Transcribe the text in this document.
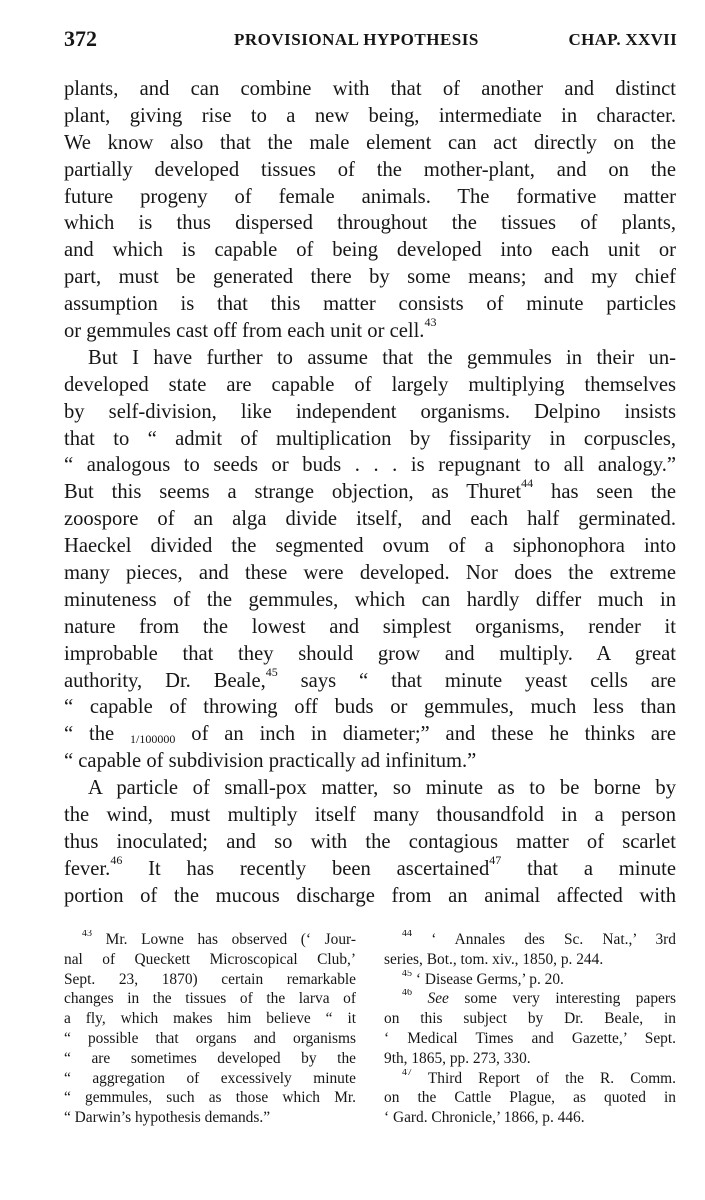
372	PROVISIONAL HYPOTHESIS	CHAP. XXVII
plants, and can combine with that of another and distinct
plant, giving rise to a new being, intermediate in character.
We know also that the male element can act directly on the
partially developed tissues of the mother-plant, and on the
future progeny of female animals. The formative matter
which is thus dispersed throughout the tissues of plants,
and which is capable of being developed into each unit or
part, must be generated there by some means; and my chief
assumption is that this matter consists of minute particles
or gemmules cast off from each unit or cell.$^{43}$
But I have further to assume that the gemmules in their un-
developed state are capable of largely multiplying themselves
by self-division, like independent organisms. Delpino insists
that to “ admit of multiplication by fissiparity in corpuscles,
“ analogous to seeds or buds . . . is repugnant to all analogy.”
But this seems a strange objection, as Thuret$^{44}$ has seen the
zoospore of an alga divide itself, and each half germinated.
Haeckel divided the segmented ovum of a siphonophora into
many pieces, and these were developed. Nor does the extreme
minuteness of the gemmules, which can hardly differ much in
nature from the lowest and simplest organisms, render it
improbable that they should grow and multiply. A great
authority, Dr. Beale,$^{45}$ says “ that minute yeast cells are
“ capable of throwing off buds or gemmules, much less than
“ the 1/100000 of an inch in diameter;” and these he thinks are
“ capable of subdivision practically ad infinitum.”
A particle of small-pox matter, so minute as to be borne by
the wind, must multiply itself many thousandfold in a person
thus inoculated; and so with the contagious matter of scarlet
fever.$^{46}$ It has recently been ascertained$^{47}$ that a minute
portion of the mucous discharge from an animal affected with
$^{43}$ Mr. Lowne has observed (‘ Jour-
nal of Queckett Microscopical Club,’
Sept. 23, 1870) certain remarkable
changes in the tissues of the larva of
a fly, which makes him believe “ it
“ possible that organs and organisms
“ are sometimes developed by the
“ aggregation of excessively minute
“ gemmules, such as those which Mr.
“ Darwin’s hypothesis demands.”
$^{44}$ ‘ Annales des Sc. Nat.,’ 3rd
series, Bot., tom. xiv., 1850, p. 244.
$^{45}$ ‘ Disease Germs,’ p. 20.
$^{46}$ See some very interesting papers
on this subject by Dr. Beale, in
‘ Medical Times and Gazette,’ Sept.
9th, 1865, pp. 273, 330.
$^{47}$ Third Report of the R. Comm.
on the Cattle Plague, as quoted in
‘ Gard. Chronicle,’ 1866, p. 446.
